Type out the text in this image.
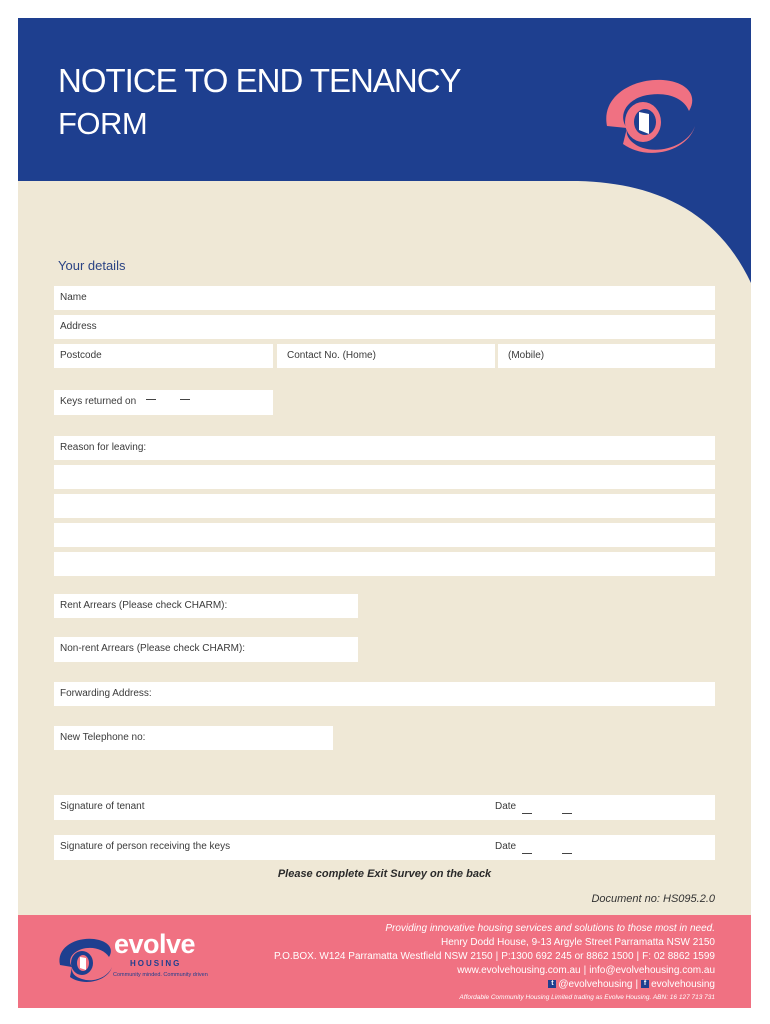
NOTICE TO END TENANCY
FORM
Your details
Name
Address
Postcode	Contact No. (Home)	(Mobile)
Keys returned on
Reason for leaving:
Rent Arrears (Please check CHARM):
Non-rent Arrears (Please check CHARM):
Forwarding Address:
New Telephone no:
Signature of tenant	Date
Signature of person receiving the keys	Date
Please complete Exit Survey on the back
Document no: HS095.2.0
evolve
HOUSING
Community minded. Community driven
Providing innovative housing services and solutions to those most in need.
Henry Dodd House, 9-13 Argyle Street Parramatta NSW 2150
P.O.BOX. W124 Parramatta Westfield NSW 2150 | P:1300 692 245 or 8862 1500 | F: 02 8862 1599
www.evolvehousing.com.au | info@evolvehousing.com.au
t @evolvehousing | f evolvehousing
Affordable Community Housing Limited trading as Evolve Housing. ABN: 16 127 713 731
